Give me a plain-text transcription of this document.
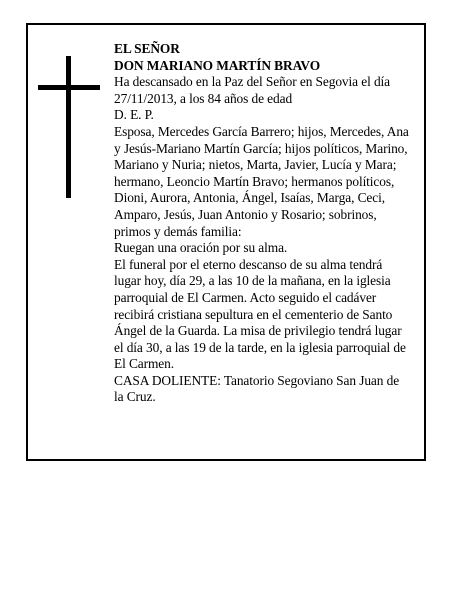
EL SEÑOR
DON MARIANO MARTÍN BRAVO
Ha descansado en la Paz del Señor en Segovia el día
27/11/2013, a los 84 años de edad
D. E. P.
Esposa, Mercedes García Barrero; hijos, Mercedes, Ana
y Jesús-Mariano Martín García; hijos políticos, Marino,
Mariano y Nuria; nietos, Marta, Javier, Lucía y Mara;
hermano, Leoncio Martín Bravo; hermanos políticos,
Dioni, Aurora, Antonia, Ángel, Isaías, Marga, Ceci,
Amparo, Jesús, Juan Antonio y Rosario; sobrinos,
primos y demás familia:
Ruegan una oración por su alma.
El funeral por el eterno descanso de su alma tendrá
lugar hoy, día 29, a las 10 de la mañana, en la iglesia
parroquial de El Carmen. Acto seguido el cadáver
recibirá cristiana sepultura en el cementerio de Santo
Ángel de la Guarda. La misa de privilegio tendrá lugar
el día 30, a las 19 de la tarde, en la iglesia parroquial de
El Carmen.
CASA DOLIENTE: Tanatorio Segoviano San Juan de
la Cruz.
